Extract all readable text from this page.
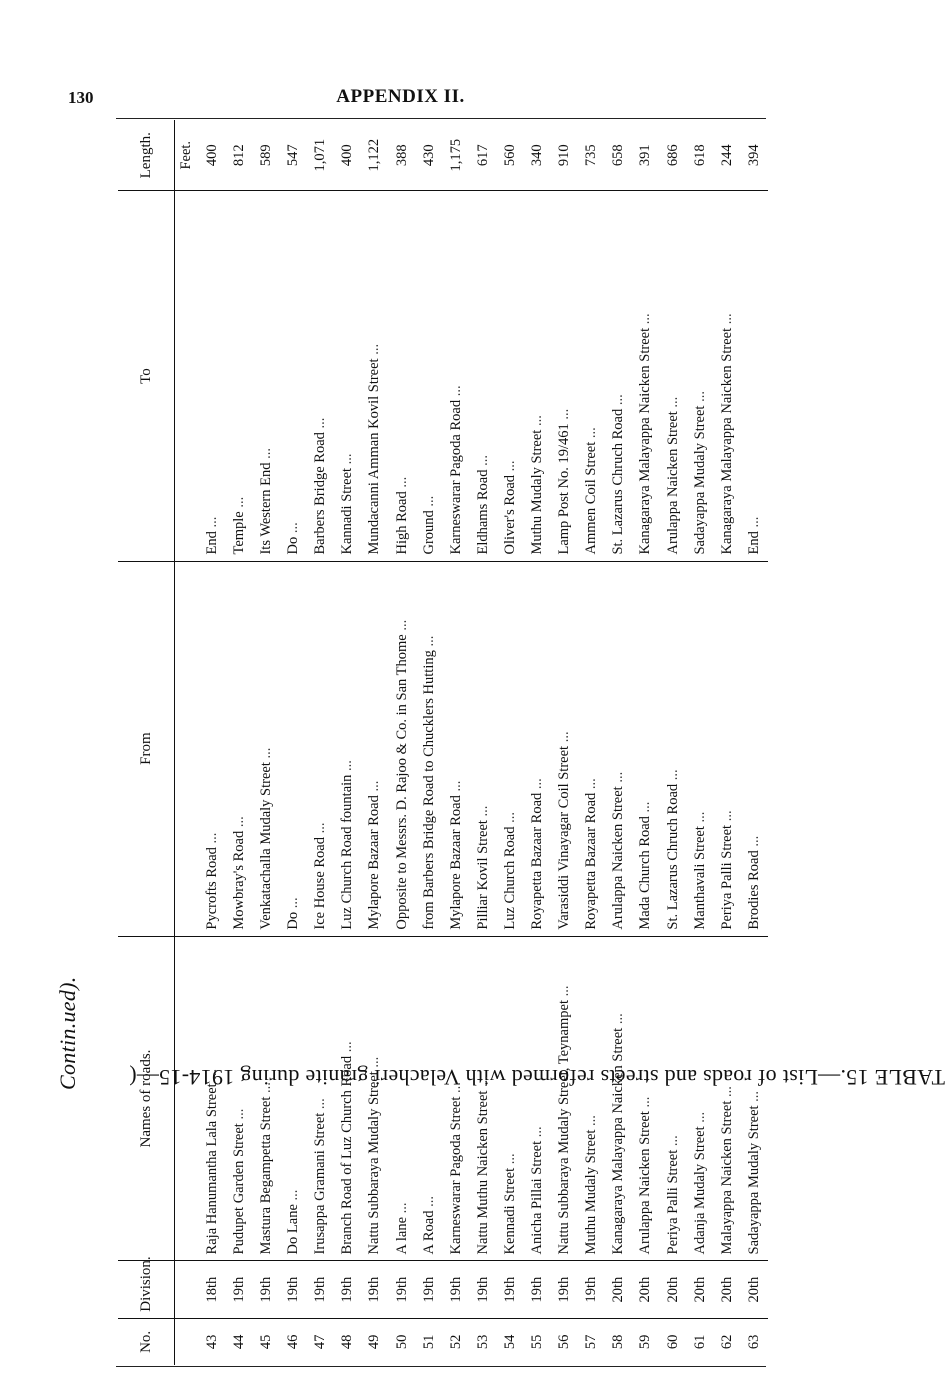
130	APPENDIX II.
TABLE 15.—List of roads and streets reformed with Velacheri granite during 1914-15—(
Contin.ued).
No.	Division.	Names of roads.	From	To	Length.
					Feet.
43	18th	Raja Hanumantha Lala Street ...	Pycrofts Road ...	End ...	400
44	19th	Pudupet Garden Street ...	Mowbray's Road ...	Temple ...	812
45	19th	Mastura Begampetta Street ...	Venkatachalla Mudaly Street ...	Its Western End ...	589
46	19th	Do Lane ...	Do ...	Do ...	547
47	19th	Irusappa Gramani Street ...	Ice House Road ...	Barbers Bridge Road ...	1,071
48	19th	Branch Road of Luz Church Road ...	Luz Church Road fountain ...	Kannadi Street ...	400
49	19th	Nattu Subbaraya Mudaly Street ...	Mylapore Bazaar Road ...	Mundacanni Amman Kovil Street ...	1,122
50	19th	A lane ...	Opposite to Messrs. D. Rajoo & Co. in San Thome ...	High Road ...	388
51	19th	A Road ...	from Barbers Bridge Road to Chucklers Hutting ...	Ground ...	430
52	19th	Karneswarar Pagoda Street ...	Mylapore Bazaar Road ...	Karneswarar Pagoda Road ...	1,175
53	19th	Nattu Muthu Naicken Street ...	Pilliar Kovil Street ...	Eldhams Road ...	617
54	19th	Kennadi Street ...	Luz Church Road ...	Oliver's Road ...	560
55	19th	Anicha Pillai Street ...	Royapetta Bazaar Road ...	Muthu Mudaly Street ...	340
56	19th	Nattu Subbaraya Mudaly Street, Teynampet ...	Varasiddi Vinayagar Coil Street ...	Lamp Post No. 19/461 ...	910
57	19th	Muthu Mudaly Street ...	Royapetta Bazaar Road ...	Ammen Coil Street ...	735
58	20th	Kanagaraya Malayappa Naicken Street ...	Arulappa Naicken Street ...	St. Lazarus Chruch Road ...	658
59	20th	Arulappa Naicken Street ...	Mada Church Road ...	Kanagaraya Malayappa Naicken Street ...	391
60	20th	Periya Palli Street ...	St. Lazarus Chruch Road ...	Arulappa Naicken Street ...	686
61	20th	Adanja Mudaly Street ...	Manthavali Street ...	Sadayappa Mudaly Street ...	618
62	20th	Malayappa Naicken Street ...	Periya Palli Street ...	Kanagaraya Malayappa Naicken Street ...	244
63	20th	Sadayappa Mudaly Street ...	Brodies Road ...	End ...	394
